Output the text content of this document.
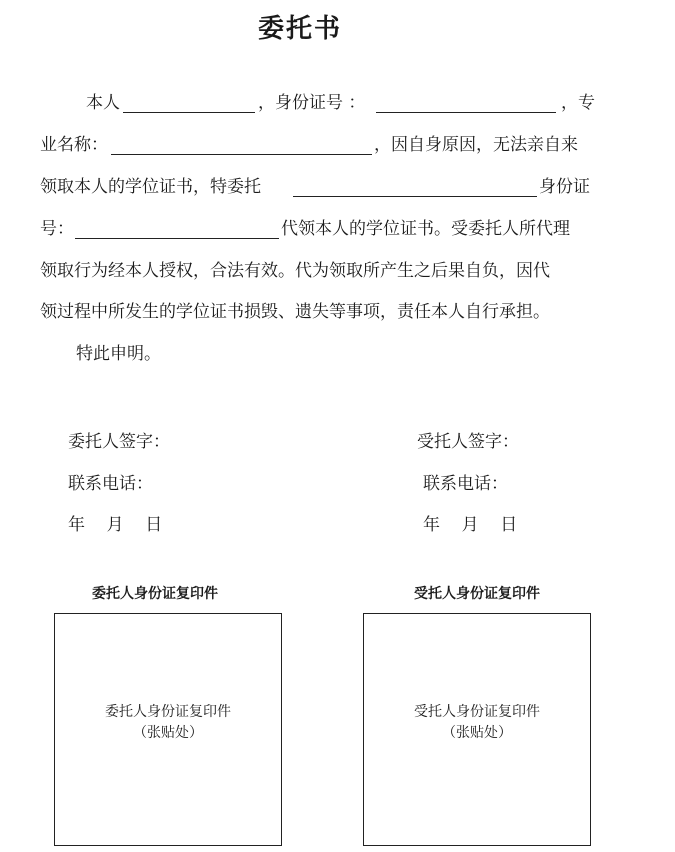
委托书
本人	，身份证号 ：	，专
业名称：	，因自身原因，无法亲自来
领取本人的学位证书，特委托	身份证
号：	代领本人的学位证书。受委托人所代理
领取行为经本人授权，合法有效。代为领取所产生之后果自负，因代
领过程中所发生的学位证书损毁、遗失等事项，责任本人自行承担。
特此申明。
委托人签字：
联系电话：
年    月    日
受托人签字：
联系电话：
年    月    日
委托人身份证复印件	受托人身份证复印件
委托人身份证复印件
（张贴处）
受托人身份证复印件
（张贴处）
